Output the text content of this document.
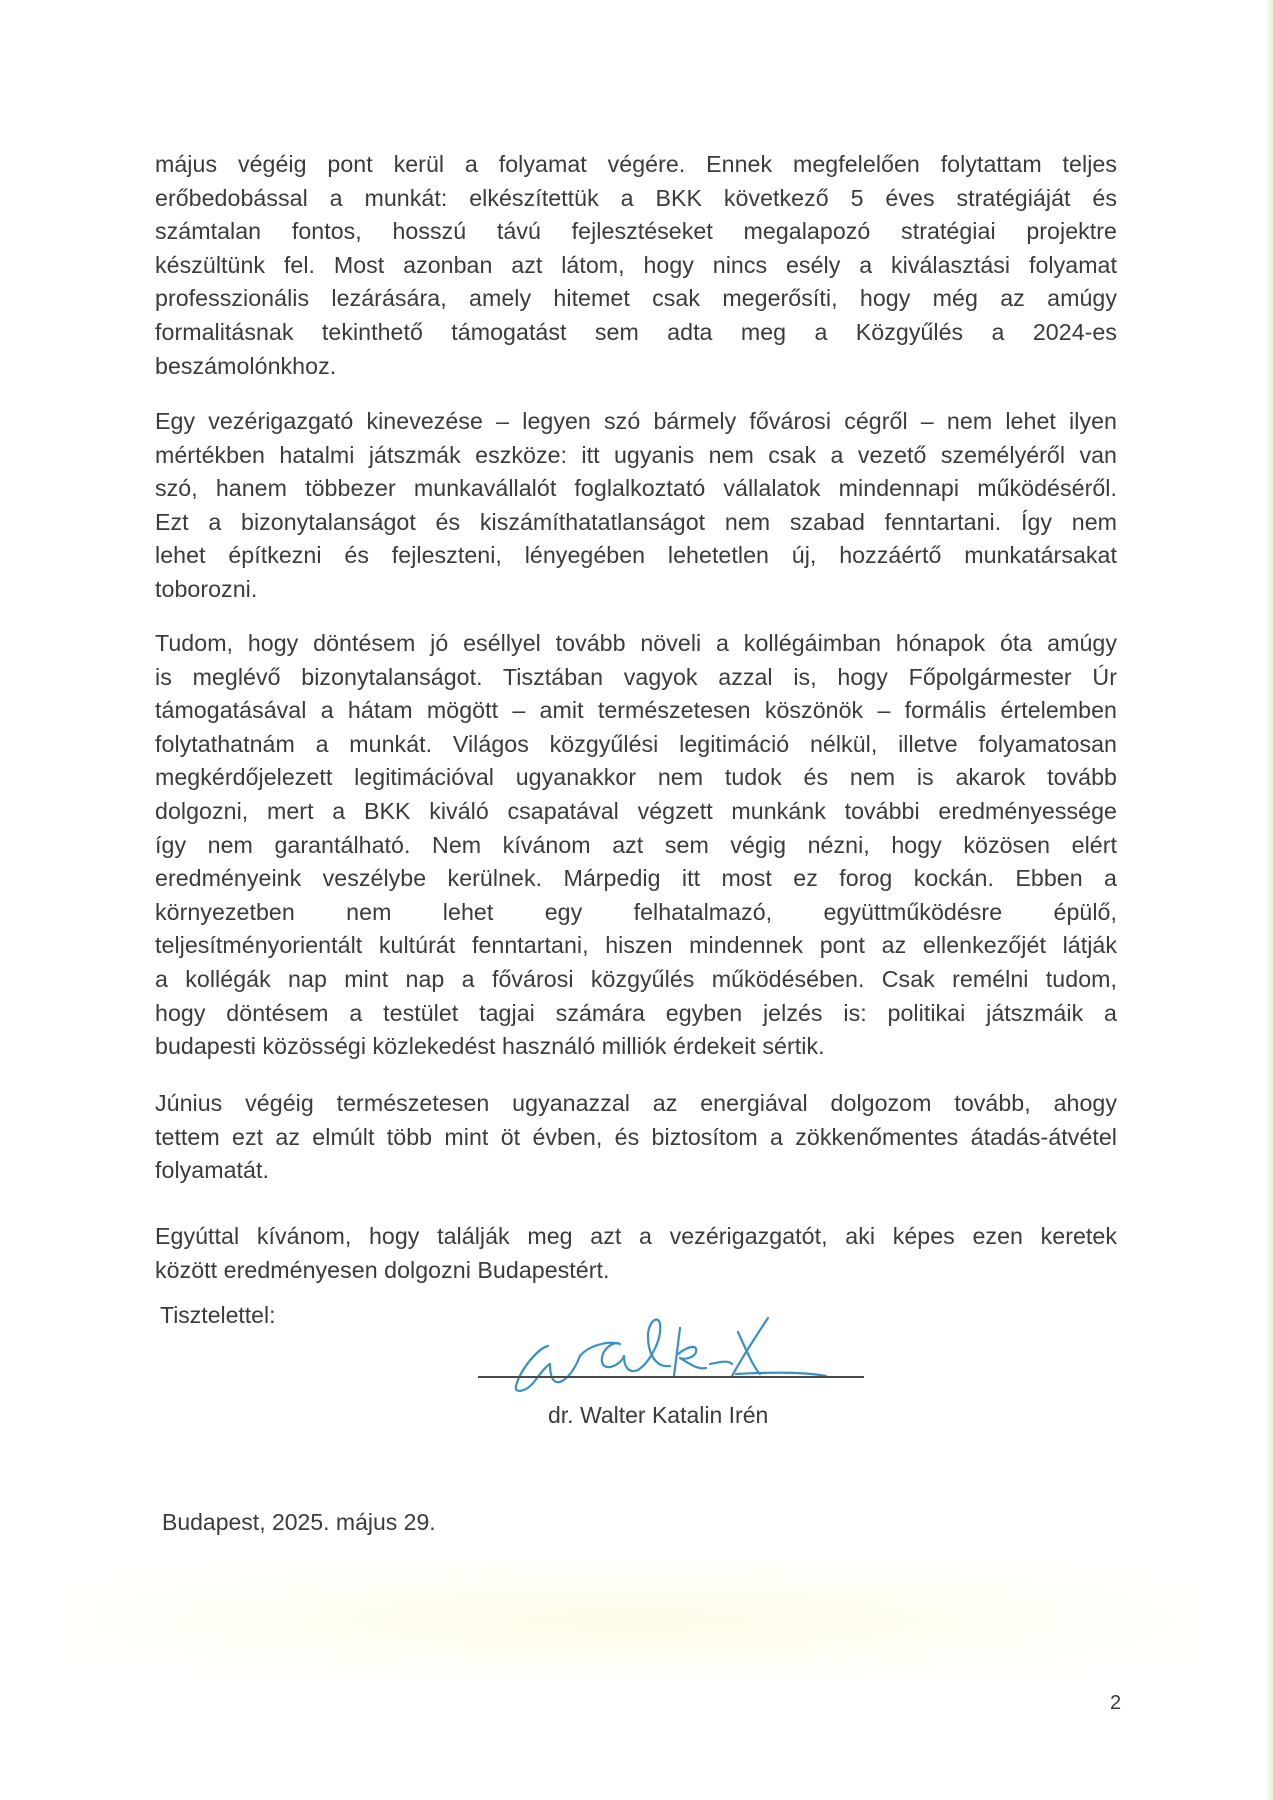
május végéig pont kerül a folyamat végére. Ennek megfelelően folytattam teljes
erőbedobással a munkát: elkészítettük a BKK következő 5 éves stratégiáját és
számtalan fontos, hosszú távú fejlesztéseket megalapozó stratégiai projektre
készültünk fel. Most azonban azt látom, hogy nincs esély a kiválasztási folyamat
professzionális lezárására, amely hitemet csak megerősíti, hogy még az amúgy
formalitásnak tekinthető támogatást sem adta meg a Közgyűlés a 2024-es
beszámolónkhoz.
Egy vezérigazgató kinevezése – legyen szó bármely fővárosi cégről – nem lehet ilyen
mértékben hatalmi játszmák eszköze: itt ugyanis nem csak a vezető személyéről van
szó, hanem többezer munkavállalót foglalkoztató vállalatok mindennapi működéséről.
Ezt a bizonytalanságot és kiszámíthatatlanságot nem szabad fenntartani. Így nem
lehet építkezni és fejleszteni, lényegében lehetetlen új, hozzáértő munkatársakat
toborozni.
Tudom, hogy döntésem jó eséllyel tovább növeli a kollégáimban hónapok óta amúgy
is meglévő bizonytalanságot. Tisztában vagyok azzal is, hogy Főpolgármester Úr
támogatásával a hátam mögött – amit természetesen köszönök – formális értelemben
folytathatnám a munkát. Világos közgyűlési legitimáció nélkül, illetve folyamatosan
megkérdőjelezett legitimációval ugyanakkor nem tudok és nem is akarok tovább
dolgozni, mert a BKK kiváló csapatával végzett munkánk további eredményessége
így nem garantálható. Nem kívánom azt sem végig nézni, hogy közösen elért
eredményeink veszélybe kerülnek. Márpedig itt most ez forog kockán. Ebben a
környezetben nem lehet egy felhatalmazó, együttműködésre épülő,
teljesítményorientált kultúrát fenntartani, hiszen mindennek pont az ellenkezőjét látják
a kollégák nap mint nap a fővárosi közgyűlés működésében. Csak remélni tudom,
hogy döntésem a testület tagjai számára egyben jelzés is: politikai játszmáik a
budapesti közösségi közlekedést használó milliók érdekeit sértik.
Június végéig természetesen ugyanazzal az energiával dolgozom tovább, ahogy
tettem ezt az elmúlt több mint öt évben, és biztosítom a zökkenőmentes átadás-átvétel
folyamatát.
Egyúttal kívánom, hogy találják meg azt a vezérigazgatót, aki képes ezen keretek
között eredményesen dolgozni Budapestért.
Tisztelettel:
dr. Walter Katalin Irén
Budapest, 2025. május 29.
2
